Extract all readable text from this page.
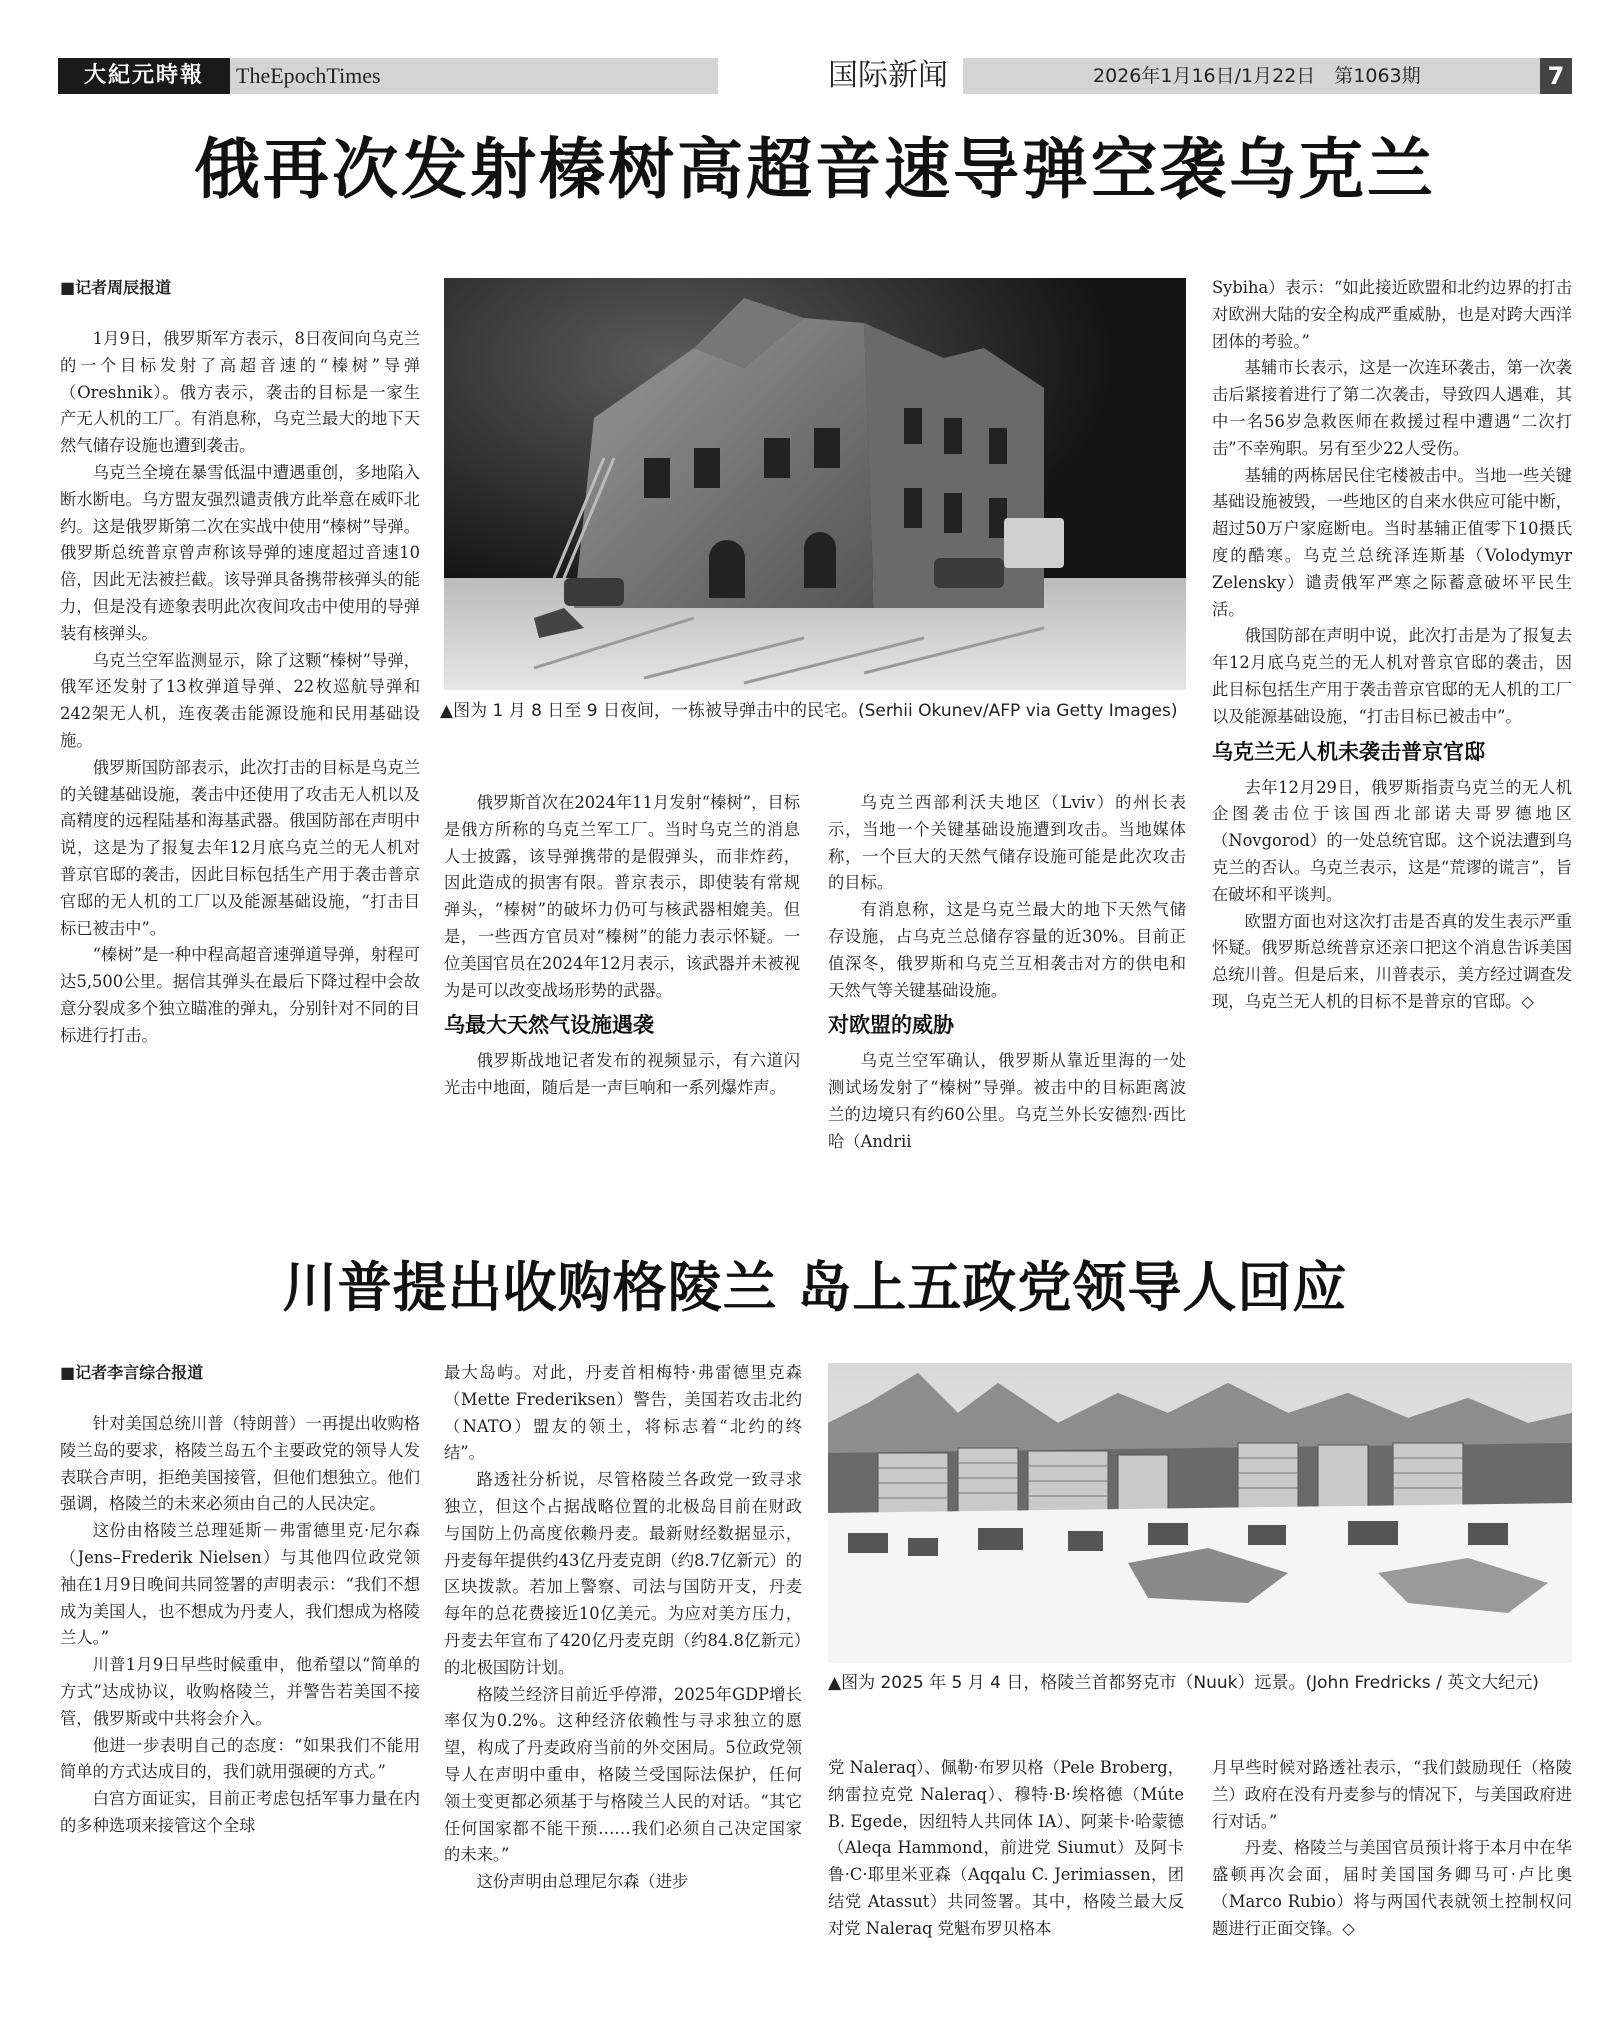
大紀元時報	TheEpochTimes	国际新闻	2026年1月16日/1月22日　第1063期	7
俄再次发射榛树高超音速导弹空袭乌克兰
■记者周辰报道

1月9日，俄罗斯军方表示，8日夜间向乌克兰的一个目标发射了高超音速的“榛树”导弹（Oreshnik）。俄方表示，袭击的目标是一家生产无人机的工厂。有消息称，乌克兰最大的地下天然气储存设施也遭到袭击。

乌克兰全境在暴雪低温中遭遇重创，多地陷入断水断电。乌方盟友强烈谴责俄方此举意在威吓北约。这是俄罗斯第二次在实战中使用“榛树”导弹。俄罗斯总统普京曾声称该导弹的速度超过音速10倍，因此无法被拦截。该导弹具备携带核弹头的能力，但是没有迹象表明此次夜间攻击中使用的导弹装有核弹头。

乌克兰空军监测显示，除了这颗“榛树”导弹，俄军还发射了13枚弹道导弹、22枚巡航导弹和242架无人机，连夜袭击能源设施和民用基础设施。

俄罗斯国防部表示，此次打击的目标是乌克兰的关键基础设施，袭击中还使用了攻击无人机以及高精度的远程陆基和海基武器。俄国防部在声明中说，这是为了报复去年12月底乌克兰的无人机对普京官邸的袭击，因此目标包括生产用于袭击普京官邸的无人机的工厂以及能源基础设施，“打击目标已被击中”。

“榛树”是一种中程高超音速弹道导弹，射程可达5,500公里。据信其弹头在最后下降过程中会故意分裂成多个独立瞄准的弹丸，分别针对不同的目标进行打击。

▲图为 1 月 8 日至 9 日夜间，一栋被导弹击中的民宅。(Serhii Okunev/AFP via Getty Images)

俄罗斯首次在2024年11月发射“榛树”，目标是俄方所称的乌克兰军工厂。当时乌克兰的消息人士披露，该导弹携带的是假弹头，而非炸药，因此造成的损害有限。普京表示，即使装有常规弹头，“榛树”的破坏力仍可与核武器相媲美。但是，一些西方官员对“榛树”的能力表示怀疑。一位美国官员在2024年12月表示，该武器并未被视为是可以改变战场形势的武器。

乌最大天然气设施遇袭

俄罗斯战地记者发布的视频显示，有六道闪光击中地面，随后是一声巨响和一系列爆炸声。

乌克兰西部利沃夫地区（Lviv）的州长表示，当地一个关键基础设施遭到攻击。当地媒体称，一个巨大的天然气储存设施可能是此次攻击的目标。

有消息称，这是乌克兰最大的地下天然气储存设施，占乌克兰总储存容量的近30%。目前正值深冬，俄罗斯和乌克兰互相袭击对方的供电和天然气等关键基础设施。

对欧盟的威胁

乌克兰空军确认，俄罗斯从靠近里海的一处测试场发射了“榛树”导弹。被击中的目标距离波兰的边境只有约60公里。乌克兰外长安德烈·西比哈（Andrii

Sybiha）表示：“如此接近欧盟和北约边界的打击对欧洲大陆的安全构成严重威胁，也是对跨大西洋团体的考验。”

基辅市长表示，这是一次连环袭击，第一次袭击后紧接着进行了第二次袭击，导致四人遇难，其中一名56岁急救医师在救援过程中遭遇“二次打击”不幸殉职。另有至少22人受伤。

基辅的两栋居民住宅楼被击中。当地一些关键基础设施被毁，一些地区的自来水供应可能中断，超过50万户家庭断电。当时基辅正值零下10摄氏度的酷寒。乌克兰总统泽连斯基（Volodymyr Zelensky）谴责俄军严寒之际蓄意破坏平民生活。

俄国防部在声明中说，此次打击是为了报复去年12月底乌克兰的无人机对普京官邸的袭击，因此目标包括生产用于袭击普京官邸的无人机的工厂以及能源基础设施，“打击目标已被击中”。

乌克兰无人机未袭击普京官邸

去年12月29日，俄罗斯指责乌克兰的无人机企图袭击位于该国西北部诺夫哥罗德地区（Novgorod）的一处总统官邸。这个说法遭到乌克兰的否认。乌克兰表示，这是“荒谬的谎言”，旨在破坏和平谈判。

欧盟方面也对这次打击是否真的发生表示严重怀疑。俄罗斯总统普京还亲口把这个消息告诉美国总统川普。但是后来，川普表示，美方经过调查发现，乌克兰无人机的目标不是普京的官邸。◇

川普提出收购格陵兰 岛上五政党领导人回应
■记者李言综合报道

针对美国总统川普（特朗普）一再提出收购格陵兰岛的要求，格陵兰岛五个主要政党的领导人发表联合声明，拒绝美国接管，但他们想独立。他们强调，格陵兰的未来必须由自己的人民决定。

这份由格陵兰总理延斯－弗雷德里克·尼尔森（Jens–Frederik Nielsen）与其他四位政党领袖在1月9日晚间共同签署的声明表示：“我们不想成为美国人，也不想成为丹麦人，我们想成为格陵兰人。”

川普1月9日早些时候重申，他希望以“简单的方式”达成协议，收购格陵兰，并警告若美国不接管，俄罗斯或中共将会介入。

他进一步表明自己的态度：“如果我们不能用简单的方式达成目的，我们就用强硬的方式。”

白宫方面证实，目前正考虑包括军事力量在内的多种选项来接管这个全球

最大岛屿。对此，丹麦首相梅特·弗雷德里克森（Mette Frederiksen）警告，美国若攻击北约（NATO）盟友的领土，将标志着“北约的终结”。

路透社分析说，尽管格陵兰各政党一致寻求独立，但这个占据战略位置的北极岛目前在财政与国防上仍高度依赖丹麦。最新财经数据显示，丹麦每年提供约43亿丹麦克朗（约8.7亿新元）的区块拨款。若加上警察、司法与国防开支，丹麦每年的总花费接近10亿美元。为应对美方压力，丹麦去年宣布了420亿丹麦克朗（约84.8亿新元）的北极国防计划。

格陵兰经济目前近乎停滞，2025年GDP增长率仅为0.2%。这种经济依赖性与寻求独立的愿望，构成了丹麦政府当前的外交困局。5位政党领导人在声明中重申，格陵兰受国际法保护，任何领土变更都必须基于与格陵兰人民的对话。“其它任何国家都不能干预……我们必须自己决定国家的未来。”

这份声明由总理尼尔森（进步

▲图为 2025 年 5 月 4 日，格陵兰首都努克市（Nuuk）远景。(John Fredricks / 英文大纪元)

党 Naleraq）、佩勒·布罗贝格（Pele Broberg，纳雷拉克党 Naleraq）、穆特·B·埃格德（Múte B. Egede，因纽特人共同体 IA）、阿莱卡·哈蒙德（Aleqa Hammond，前进党 Siumut）及阿卡鲁·C·耶里米亚森（Aqqalu C. Jerimiassen，团结党 Atassut）共同签署。其中，格陵兰最大反对党 Naleraq 党魁布罗贝格本

月早些时候对路透社表示，“我们鼓励现任（格陵兰）政府在没有丹麦参与的情况下，与美国政府进行对话。”

丹麦、格陵兰与美国官员预计将于本月中在华盛顿再次会面，届时美国国务卿马可·卢比奥（Marco Rubio）将与两国代表就领土控制权问题进行正面交锋。◇
